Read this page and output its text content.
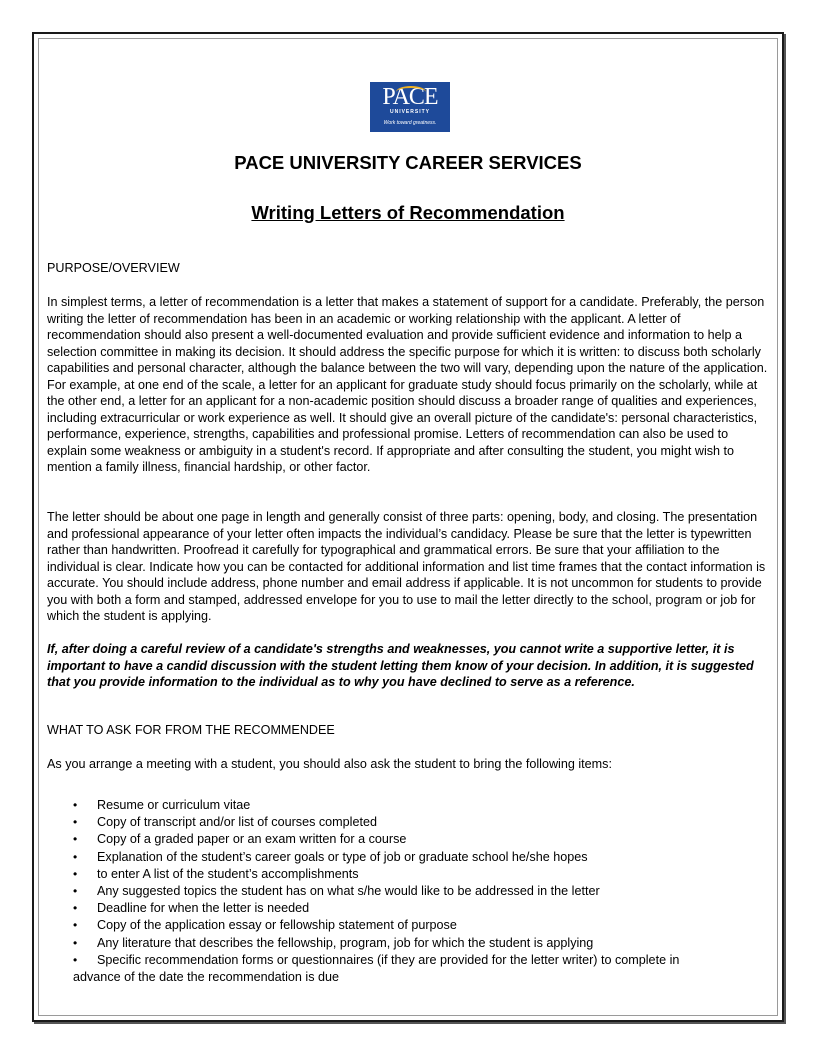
PACE
UNIVERSITY
Work toward greatness.
PACE UNIVERSITY CAREER SERVICES
Writing Letters of Recommendation
PURPOSE/OVERVIEW

In simplest terms, a letter of recommendation is a letter that makes a statement of support for a candidate. Preferably, the person writing the letter of recommendation has been in an academic or working relationship with the applicant. A letter of recommendation should also present a well-documented evaluation and provide sufficient evidence and information to help a selection committee in making its decision. It should address the specific purpose for which it is written: to discuss both scholarly capabilities and personal character, although the balance between the two will vary, depending upon the nature of the application. For example, at one end of the scale, a letter for an applicant for graduate study should focus primarily on the scholarly, while at the other end, a letter for an applicant for a non-academic position should discuss a broader range of qualities and experiences, including extracurricular or work experience as well. It should give an overall picture of the candidate's: personal characteristics, performance, experience, strengths, capabilities and professional promise. Letters of recommendation can also be used to explain some weakness or ambiguity in a student's record. If appropriate and after consulting the student, you might wish to mention a family illness, financial hardship, or other factor.

The letter should be about one page in length and generally consist of three parts: opening, body, and closing. The presentation and professional appearance of your letter often impacts the individual’s candidacy. Please be sure that the letter is typewritten rather than handwritten. Proofread it carefully for typographical and grammatical errors. Be sure that your affiliation to the individual is clear. Indicate how you can be contacted for additional information and list time frames that the contact information is accurate. You should include address, phone number and email address if applicable. It is not uncommon for students to provide you with both a form and stamped, addressed envelope for you to use to mail the letter directly to the school, program or job for which the student is applying.

If, after doing a careful review of a candidate's strengths and weaknesses, you cannot write a supportive letter, it is important to have a candid discussion with the student letting them know of your decision. In addition, it is suggested that you provide information to the individual as to why you have declined to serve as a reference.

WHAT TO ASK FOR FROM THE RECOMMENDEE

As you arrange a meeting with a student, you should also ask the student to bring the following items:

• Resume or curriculum vitae
• Copy of transcript and/or list of courses completed
• Copy of a graded paper or an exam written for a course
• Explanation of the student’s career goals or type of job or graduate school he/she hopes
• to enter A list of the student’s accomplishments
• Any suggested topics the student has on what s/he would like to be addressed in the letter
• Deadline for when the letter is needed
• Copy of the application essay or fellowship statement of purpose
• Any literature that describes the fellowship, program, job for which the student is applying
• Specific recommendation forms or questionnaires (if they are provided for the letter writer) to complete in
advance of the date the recommendation is due
